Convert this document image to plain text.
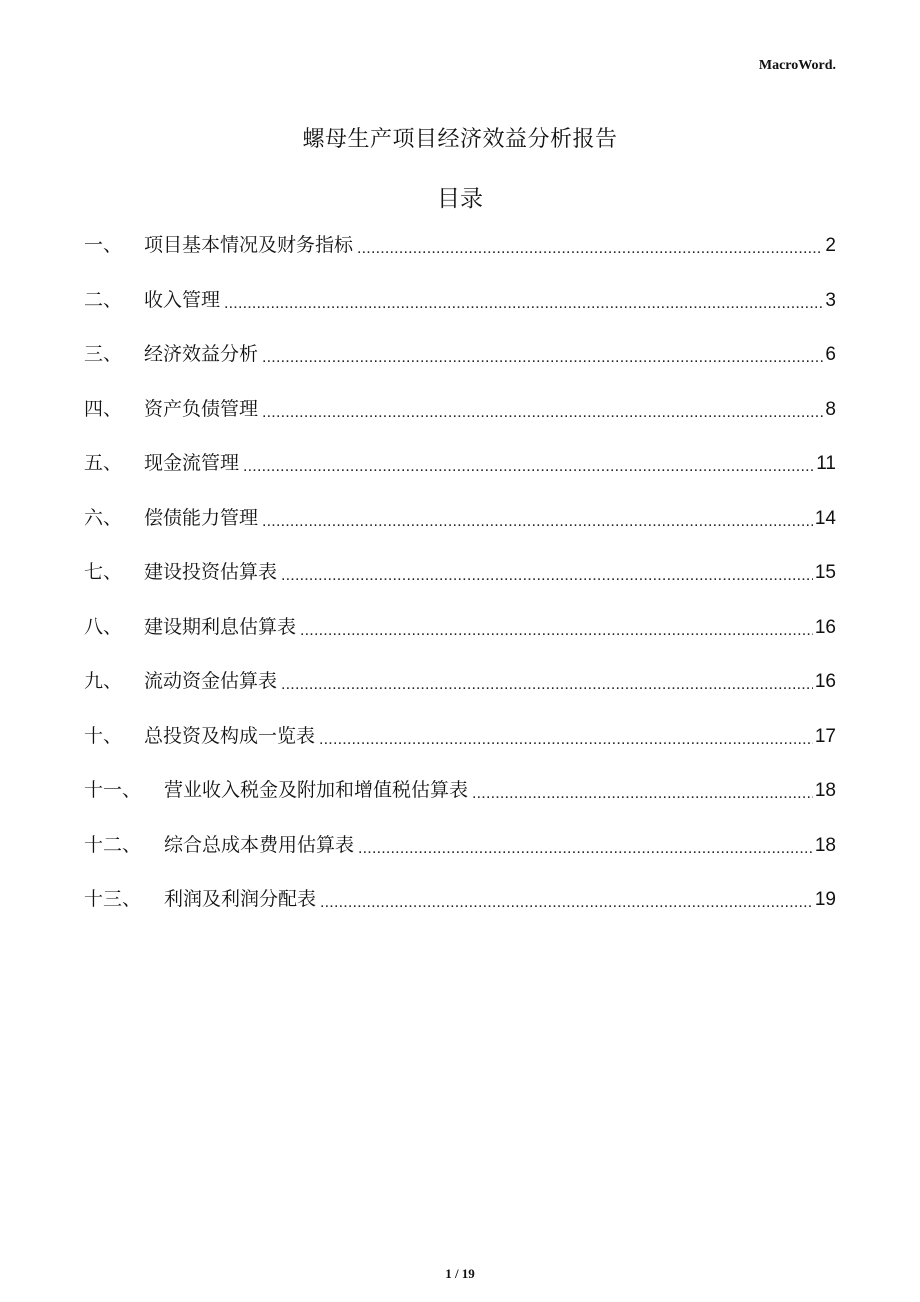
MacroWord.
螺母生产项目经济效益分析报告
目录
一、	项目基本情况及财务指标 .....	2
二、	收入管理 .....	3
三、	经济效益分析 .....	6
四、	资产负债管理 .....	8
五、	现金流管理 .....	11
六、	偿债能力管理 .....	14
七、	建设投资估算表 .....	15
八、	建设期利息估算表 .....	16
九、	流动资金估算表 .....	16
十、	总投资及构成一览表 .....	17
十一、	营业收入税金及附加和增值税估算表 .....	18
十二、	综合总成本费用估算表 .....	18
十三、	利润及利润分配表 .....	19
1 / 19
